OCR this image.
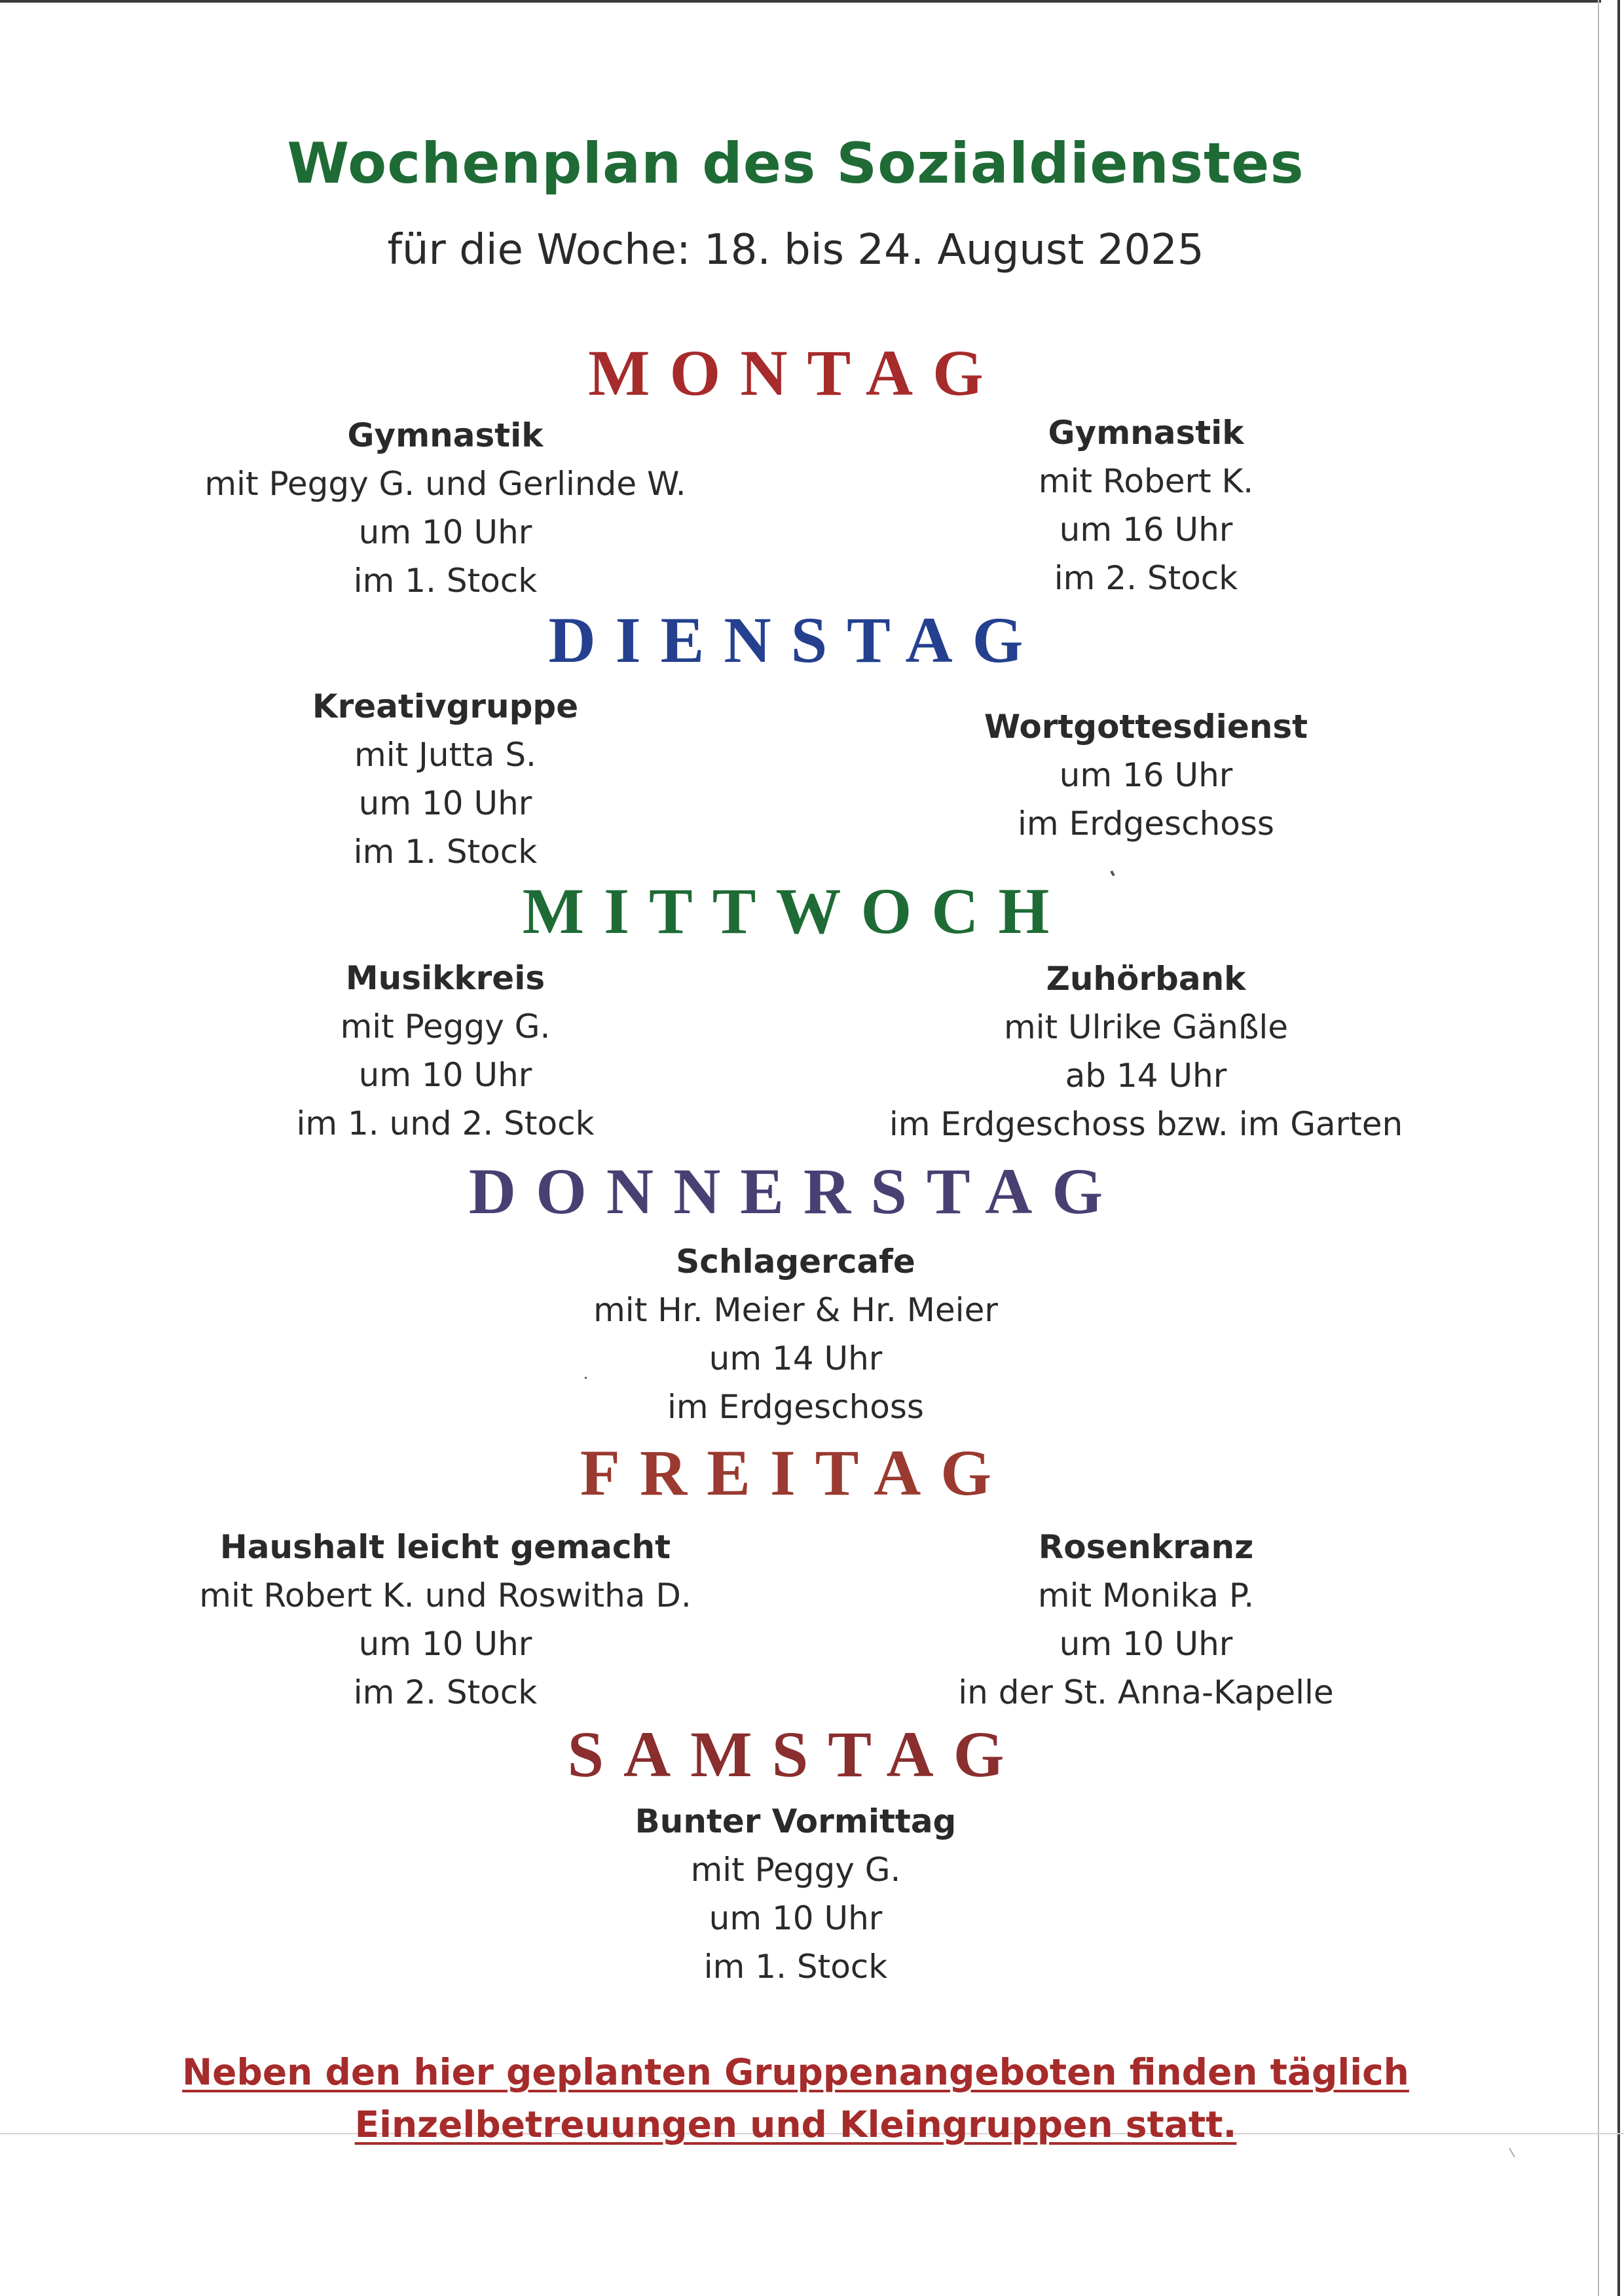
Wochenplan des Sozialdienstes
für die Woche: 18. bis 24. August 2025
MONTAG
Gymnastik
mit Peggy G. und Gerlinde W.
um 10 Uhr
im 1. Stock
Gymnastik
mit Robert K.
um 16 Uhr
im 2. Stock
DIENSTAG
Kreativgruppe
mit Jutta S.
um 10 Uhr
im 1. Stock
Wortgottesdienst
um 16 Uhr
im Erdgeschoss
MITTWOCH
Musikkreis
mit Peggy G.
um 10 Uhr
im 1. und 2. Stock
Zuhörbank
mit Ulrike Gänßle
ab 14 Uhr
im Erdgeschoss bzw. im Garten
DONNERSTAG
Schlagercafe
mit Hr. Meier & Hr. Meier
um 14 Uhr
im Erdgeschoss
FREITAG
Haushalt leicht gemacht
mit Robert K. und Roswitha D.
um 10 Uhr
im 2. Stock
Rosenkranz
mit Monika P.
um 10 Uhr
in der St. Anna-Kapelle
SAMSTAG
Bunter Vormittag
mit Peggy G.
um 10 Uhr
im 1. Stock
Neben den hier geplanten Gruppenangeboten finden täglich
Einzelbetreuungen und Kleingruppen statt.
